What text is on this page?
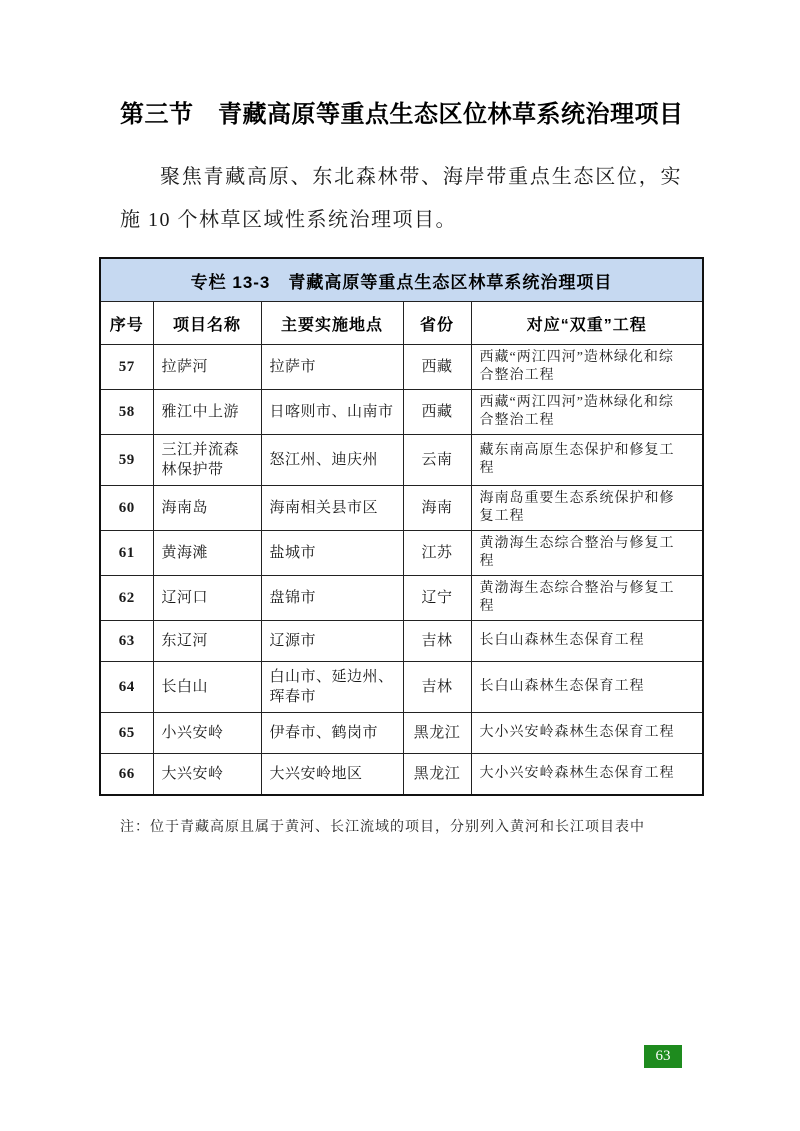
第三节　青藏高原等重点生态区位林草系统治理项目

聚焦青藏高原、东北森林带、海岸带重点生态区位，实施 10 个林草区域性系统治理项目。

专栏 13-3　青藏高原等重点生态区林草系统治理项目				
序号	项目名称	主要实施地点	省份	对应“双重”工程
57	拉萨河	拉萨市	西藏	西藏“两江四河”造林绿化和综合整治工程
58	雅江中上游	日喀则市、山南市	西藏	西藏“两江四河”造林绿化和综合整治工程
59	三江并流森林保护带	怒江州、迪庆州	云南	藏东南高原生态保护和修复工程
60	海南岛	海南相关县市区	海南	海南岛重要生态系统保护和修复工程
61	黄海滩	盐城市	江苏	黄渤海生态综合整治与修复工程
62	辽河口	盘锦市	辽宁	黄渤海生态综合整治与修复工程
63	东辽河	辽源市	吉林	长白山森林生态保育工程
64	长白山	白山市、延边州、珲春市	吉林	长白山森林生态保育工程
65	小兴安岭	伊春市、鹤岗市	黑龙江	大小兴安岭森林生态保育工程
66	大兴安岭	大兴安岭地区	黑龙江	大小兴安岭森林生态保育工程

注：位于青藏高原且属于黄河、长江流域的项目，分别列入黄河和长江项目表中

63
